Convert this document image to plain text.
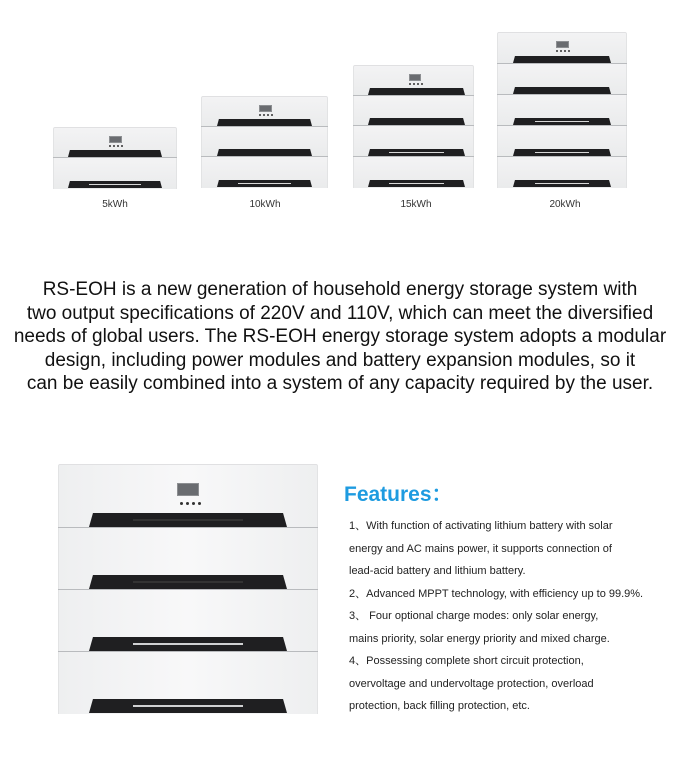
5kWh	10kWh	15kWh	20kWh
RS-EOH is a new generation of household energy storage system with
two output specifications of 220V and 110V, which can meet the diversified
needs of global users. The RS-EOH energy storage system adopts a modular
design, including power modules and battery expansion modules, so it
can be easily combined into a system of any capacity required by the user.
Features：
1、With function of activating lithium battery with solar
energy and AC mains power, it supports connection of
lead-acid battery and lithium battery.
2、Advanced MPPT technology, with efficiency up to 99.9%.
3、 Four optional charge modes: only solar energy,
mains priority, solar energy priority and mixed charge.
4、Possessing complete short circuit protection,
overvoltage and undervoltage protection, overload
protection, back filling protection, etc.
